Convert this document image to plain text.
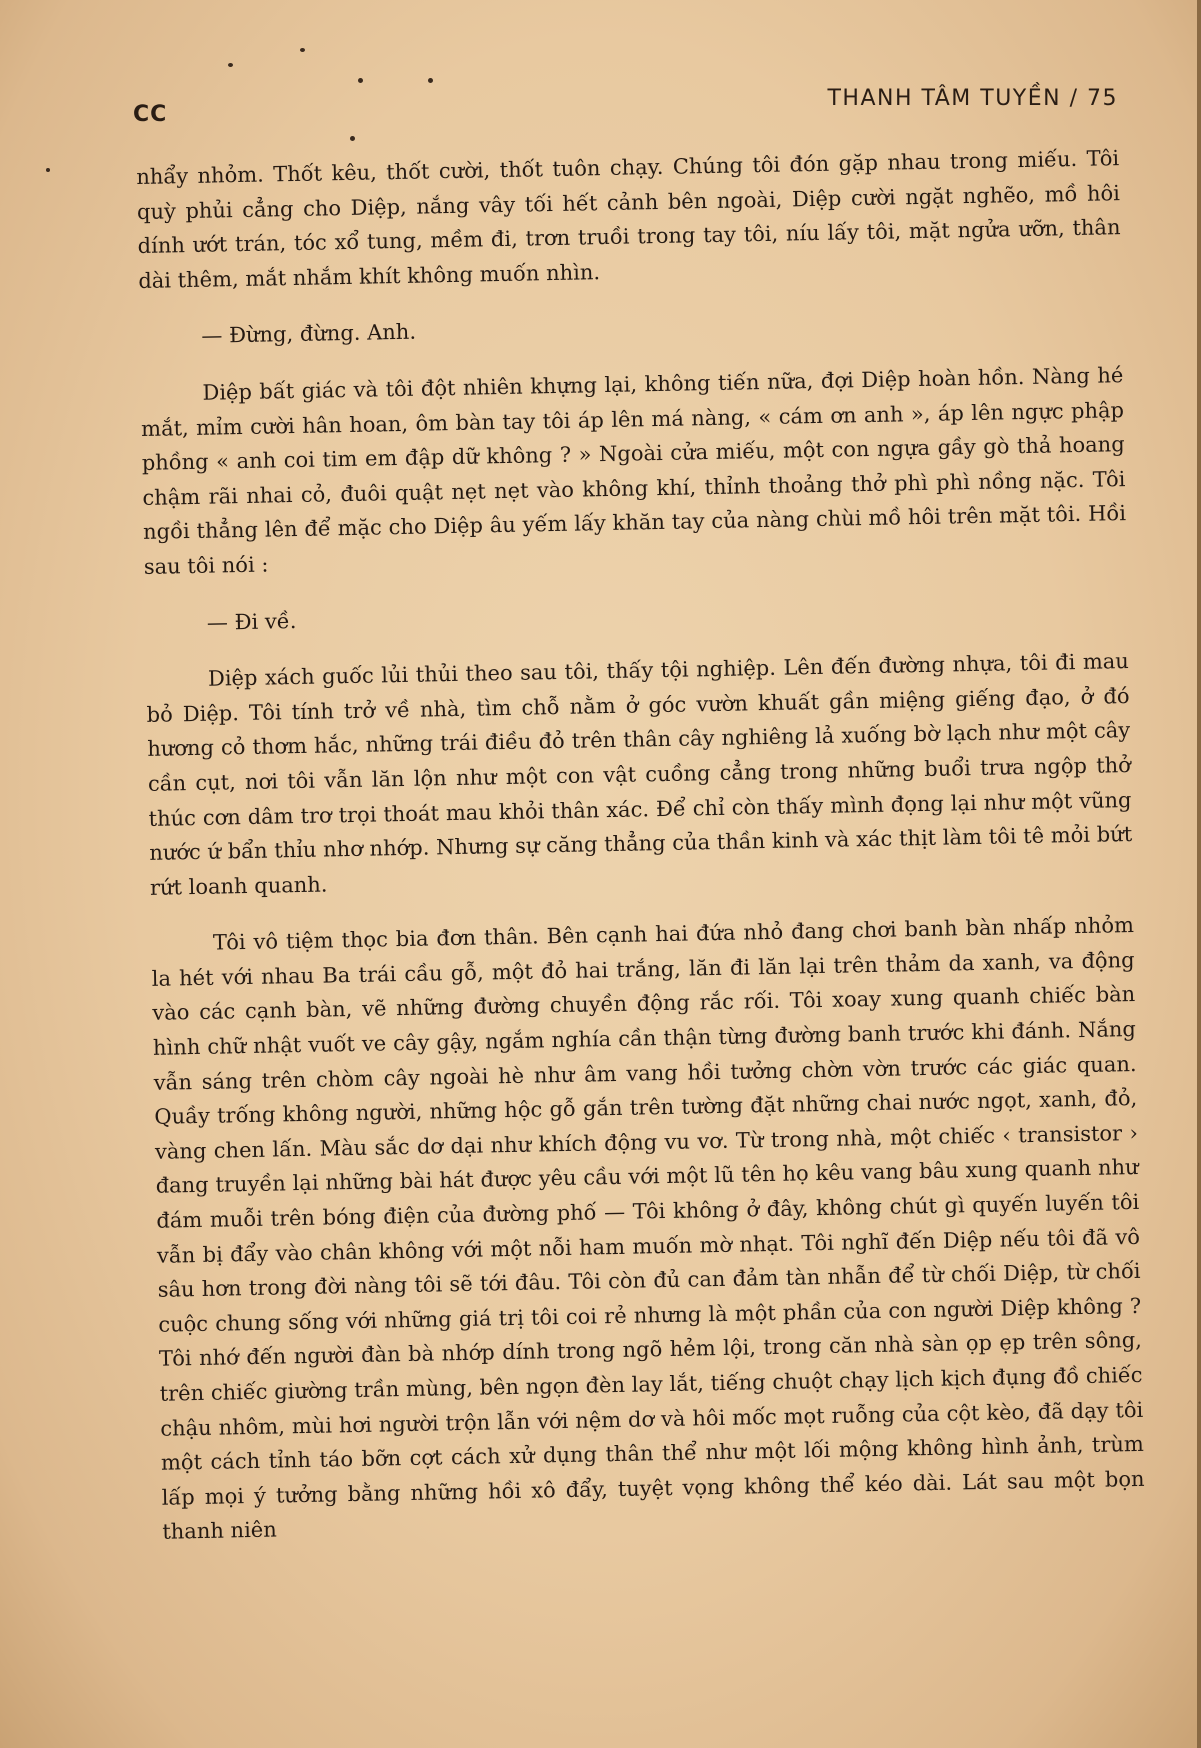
CC
THANH TÂM TUYỀN / 75

nhẩy nhỏm. Thốt kêu, thốt cười, thốt tuôn chạy. Chúng tôi đón gặp nhau trong miếu. Tôi quỳ phủi cẳng cho Diệp, nắng vây tối hết cảnh bên ngoài, Diệp cười ngặt nghẽo, mồ hôi dính ướt trán, tóc xổ tung, mềm đi, trơn truồi trong tay tôi, níu lấy tôi, mặt ngửa ưỡn, thân dài thêm, mắt nhắm khít không muốn nhìn.

— Đừng, đừng. Anh.

Diệp bất giác và tôi đột nhiên khựng lại, không tiến nữa, đợi Diệp hoàn hồn. Nàng hé mắt, mỉm cười hân hoan, ôm bàn tay tôi áp lên má nàng, « cám ơn anh », áp lên ngực phập phồng « anh coi tim em đập dữ không ? » Ngoài cửa miếu, một con ngựa gầy gò thả hoang chậm rãi nhai cỏ, đuôi quật nẹt nẹt vào không khí, thỉnh thoảng thở phì phì nồng nặc. Tôi ngồi thẳng lên để mặc cho Diệp âu yếm lấy khăn tay của nàng chùi mồ hôi trên mặt tôi. Hồi sau tôi nói :

— Đi về.

Diệp xách guốc lủi thủi theo sau tôi, thấy tội nghiệp. Lên đến đường nhựa, tôi đi mau bỏ Diệp. Tôi tính trở về nhà, tìm chỗ nằm ở góc vườn khuất gần miệng giếng đạo, ở đó hương cỏ thơm hắc, những trái điều đỏ trên thân cây nghiêng lả xuống bờ lạch như một cây cần cụt, nơi tôi vẫn lăn lộn như một con vật cuồng cẳng trong những buổi trưa ngộp thở thúc cơn dâm trơ trọi thoát mau khỏi thân xác. Để chỉ còn thấy mình đọng lại như một vũng nước ứ bẩn thỉu nhơ nhớp. Nhưng sự căng thẳng của thần kinh và xác thịt làm tôi tê mỏi bứt rứt loanh quanh.

Tôi vô tiệm thọc bia đơn thân. Bên cạnh hai đứa nhỏ đang chơi banh bàn nhấp nhỏm la hét với nhau Ba trái cầu gỗ, một đỏ hai trắng, lăn đi lăn lại trên thảm da xanh, va động vào các cạnh bàn, vẽ những đường chuyền động rắc rối. Tôi xoay xung quanh chiếc bàn hình chữ nhật vuốt ve cây gậy, ngắm nghía cần thận từng đường banh trước khi đánh. Nắng vẫn sáng trên chòm cây ngoài hè như âm vang hồi tưởng chờn vờn trước các giác quan. Quầy trống không người, những hộc gỗ gắn trên tường đặt những chai nước ngọt, xanh, đỏ, vàng chen lấn. Màu sắc dơ dại như khích động vu vơ. Từ trong nhà, một chiếc ‹ transistor › đang truyền lại những bài hát được yêu cầu với một lũ tên họ kêu vang bâu xung quanh như đám muỗi trên bóng điện của đường phố — Tôi không ở đây, không chút gì quyến luyến tôi vẫn bị đẩy vào chân không với một nỗi ham muốn mờ nhạt. Tôi nghĩ đến Diệp nếu tôi đã vô sâu hơn trong đời nàng tôi sẽ tới đâu. Tôi còn đủ can đảm tàn nhẫn để từ chối Diệp, từ chối cuộc chung sống với những giá trị tôi coi rẻ nhưng là một phần của con người Diệp không ? Tôi nhớ đến người đàn bà nhớp dính trong ngõ hẻm lội, trong căn nhà sàn ọp ẹp trên sông, trên chiếc giường trần mùng, bên ngọn đèn lay lắt, tiếng chuột chạy lịch kịch đụng đồ chiếc chậu nhôm, mùi hơi người trộn lẫn với nệm dơ và hôi mốc mọt ruỗng của cột kèo, đã dạy tôi một cách tỉnh táo bỡn cợt cách xử dụng thân thể như một lối mộng không hình ảnh, trùm lấp mọi ý tưởng bằng những hồi xô đẩy, tuyệt vọng không thể kéo dài. Lát sau một bọn thanh niên
